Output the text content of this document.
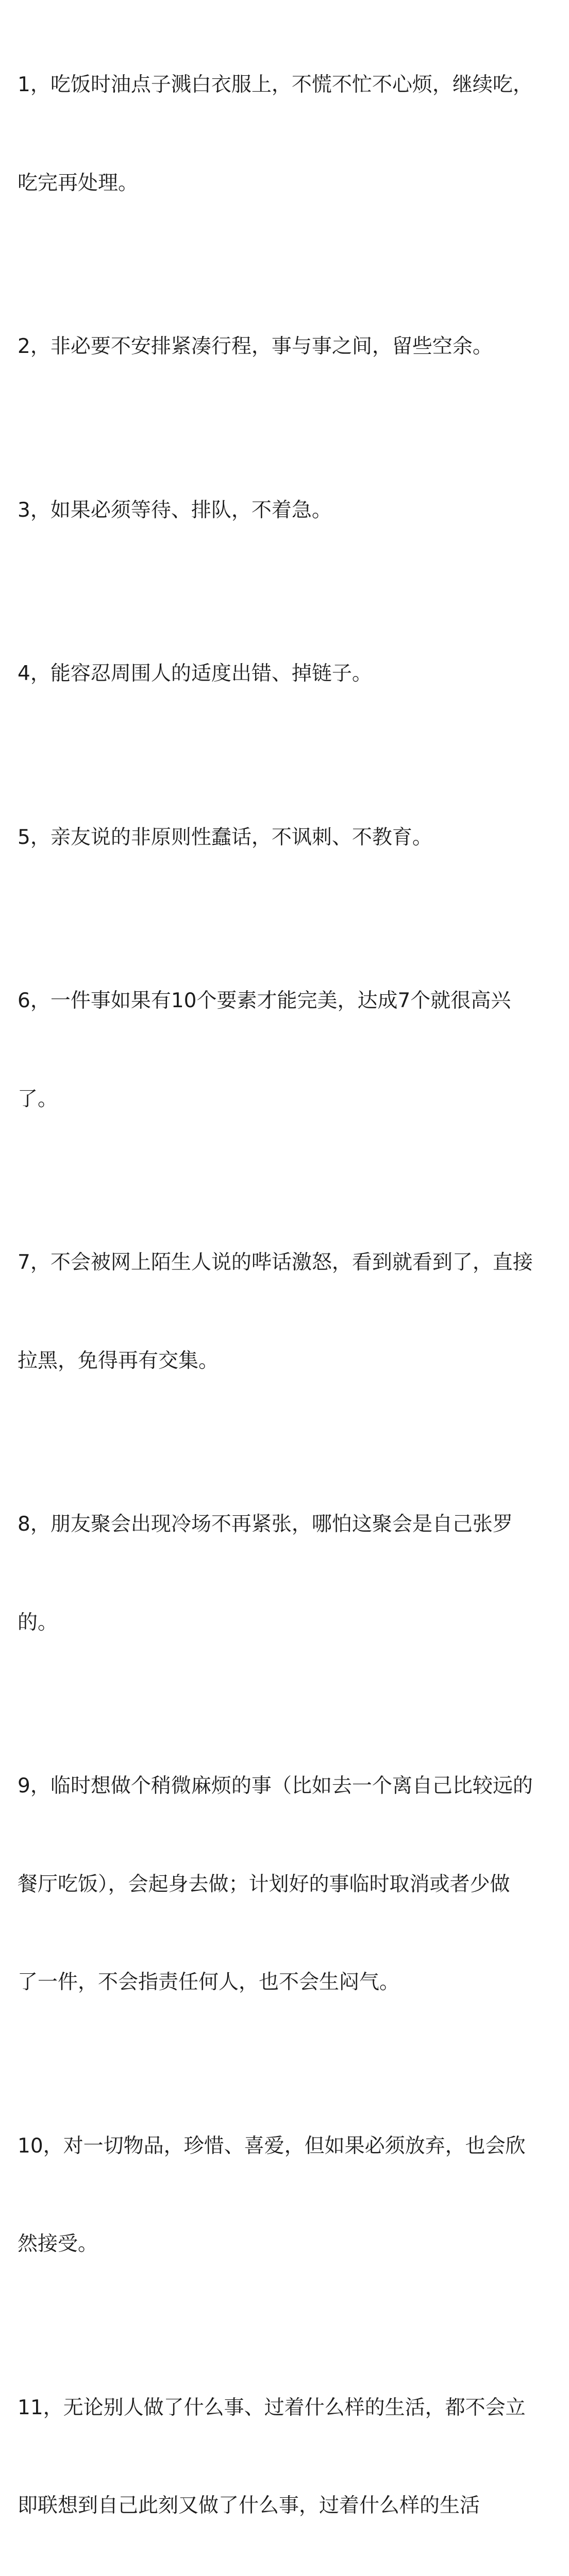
1，吃饭时油点子溅白衣服上，不慌不忙不心烦，继续吃，

吃完再处理。

2，非必要不安排紧凑行程，事与事之间，留些空余。

3，如果必须等待、排队，不着急。

4，能容忍周围人的适度出错、掉链子。

5，亲友说的非原则性蠢话，不讽刺、不教育。

6，一件事如果有10个要素才能完美，达成7个就很高兴

了。

7，不会被网上陌生人说的哔话激怒，看到就看到了，直接

拉黑，免得再有交集。

8，朋友聚会出现冷场不再紧张，哪怕这聚会是自己张罗

的。

9，临时想做个稍微麻烦的事（比如去一个离自己比较远的

餐厅吃饭），会起身去做；计划好的事临时取消或者少做

了一件，不会指责任何人，也不会生闷气。

10，对一切物品，珍惜、喜爱，但如果必须放弃，也会欣

然接受。

11，无论别人做了什么事、过着什么样的生活，都不会立

即联想到自己此刻又做了什么事，过着什么样的生活
